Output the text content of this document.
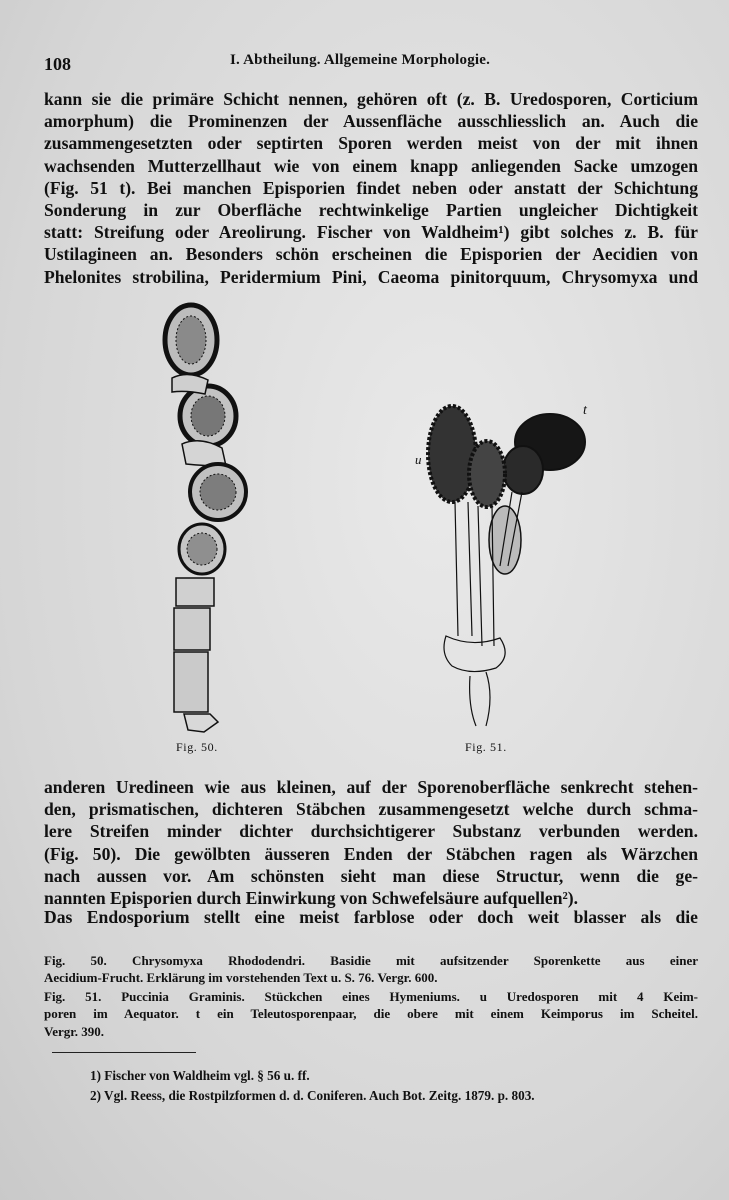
108	I. Abtheilung. Allgemeine Morphologie.
kann sie die primäre Schicht nennen, gehören oft (z. B. Uredosporen, Corticium
amorphum) die Prominenzen der Aussenfläche ausschliesslich an. Auch die
zusammengesetzten oder septirten Sporen werden meist von der mit ihnen
wachsenden Mutterzellhaut wie von einem knapp anliegenden Sacke umzogen
(Fig. 51 t). Bei manchen Episporien findet neben oder anstatt der Schichtung
Sonderung in zur Oberfläche rechtwinkelige Partien ungleicher Dichtigkeit
statt: Streifung oder Areolirung. Fischer von Waldheim¹) gibt solches z. B. für
Ustilagineen an. Besonders schön erscheinen die Episporien der Aecidien von
Phelonites strobilina, Peridermium Pini, Caeoma pinitorquum, Chrysomyxa und
u
t
Fig. 50.	Fig. 51.
anderen Uredineen wie aus kleinen, auf der Sporenoberfläche senkrecht stehen-
den, prismatischen, dichteren Stäbchen zusammengesetzt welche durch schma-
lere Streifen minder dichter durchsichtigerer Substanz verbunden werden.
(Fig. 50). Die gewölbten äusseren Enden der Stäbchen ragen als Wärzchen
nach aussen vor. Am schönsten sieht man diese Structur, wenn die ge-
nannten Episporien durch Einwirkung von Schwefelsäure aufquellen²).
Das Endosporium stellt eine meist farblose oder doch weit blasser als die
Fig. 50. Chrysomyxa Rhododendri. Basidie mit aufsitzender Sporenkette aus einer
Aecidium-Frucht. Erklärung im vorstehenden Text u. S. 76. Vergr. 600.
Fig. 51. Puccinia Graminis. Stückchen eines Hymeniums. u Uredosporen mit 4 Keim-
poren im Aequator. t ein Teleutosporenpaar, die obere mit einem Keimporus im Scheitel.
Vergr. 390.
1) Fischer von Waldheim vgl. § 56 u. ff.
2) Vgl. Reess, die Rostpilzformen d. d. Coniferen. Auch Bot. Zeitg. 1879. p. 803.
